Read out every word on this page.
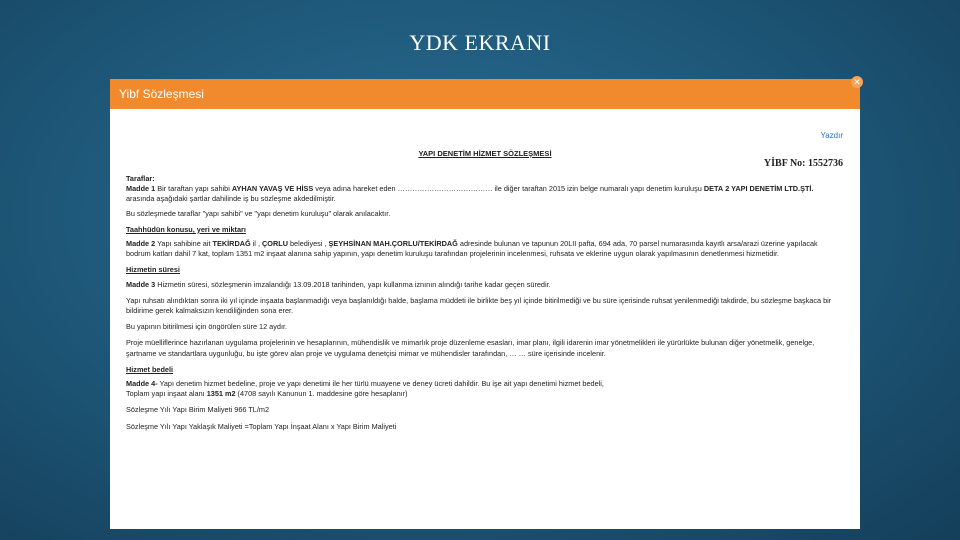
YDK EKRANI
Yibf Sözleşmesi
✕
Yazdır
YAPI DENETİM HİZMET SÖZLEŞMESİ
YİBF No: 1552736

Taraflar:

Madde 1 Bir taraftan yapı sahibi AYHAN YAVAŞ VE HİSS veya adına hareket eden ………………………………… ile diğer taraftan 2015 izin belge numaralı yapı denetim kuruluşu DETA 2 YAPI DENETİM LTD.ŞTİ. arasında aşağıdaki şartlar dahilinde iş bu sözleşme akdedilmiştir.

Bu sözleşmede taraflar "yapı sahibi" ve "yapı denetim kuruluşu" olarak anılacaktır.

Taahhüdün konusu, yeri ve miktarı

Madde 2 Yapı sahibine ait TEKİRDAĞ il , ÇORLU belediyesi , ŞEYHSİNAN MAH.ÇORLU/TEKİRDAĞ adresinde bulunan ve tapunun 20LII pafta, 694 ada, 70 parsel numarasında kayıtlı arsa/arazi üzerine yapılacak bodrum katları dahil 7 kat, toplam 1351 m2 inşaat alanına sahip yapının, yapı denetim kuruluşu tarafından projelerinin incelenmesi, ruhsata ve eklerine uygun olarak yapılmasının denetlenmesi hizmetidir.

Hizmetin süresi

Madde 3 Hizmetin süresi, sözleşmenin imzalandığı 13.09.2018 tarihinden, yapı kullanma iznının alındığı tarihe kadar geçen süredir.

Yapı ruhsatı alındıktan sonra iki yıl içinde inşaata başlanmadığı veya başlanıldığı halde, başlama müddeti ile birlikte beş yıl içinde bitirilmediği ve bu süre içerisinde ruhsat yenilenmediği takdirde, bu sözleşme başkaca bir bildirime gerek kalmaksızın kendiliğinden sona erer.

Bu yapının bitirilmesi için öngörülen süre 12 aydır.

Proje müelliflerince hazırlanan uygulama projelerinin ve hesaplarının, mühendislik ve mimarlık proje düzenleme esasları, imar planı, ilgili idarenin imar yönetmelikleri ile yürürlükte bulunan diğer yönetmelik, genelge, şartname ve standartlara uygunluğu, bu işte görev alan proje ve uygulama denetçisi mimar ve mühendisler tarafından, … … süre içerisinde incelenir.

Hizmet bedeli

Madde 4- Yapı denetim hizmet bedeline, proje ve yapı denetimi ile her türlü muayene ve deney ücreti dahildir. Bu işe ait yapı denetimi hizmet bedeli,

Toplam yapı inşaat alanı 1351 m2 (4708 sayılı Kanunun 1. maddesine göre hesaplanır)

Sözleşme Yılı Yapı Birim Maliyeti 966 TL/m2

Sözleşme Yılı Yapı Yaklaşık Maliyeti =Toplam Yapı İnşaat Alanı x Yapı Birim Maliyeti
